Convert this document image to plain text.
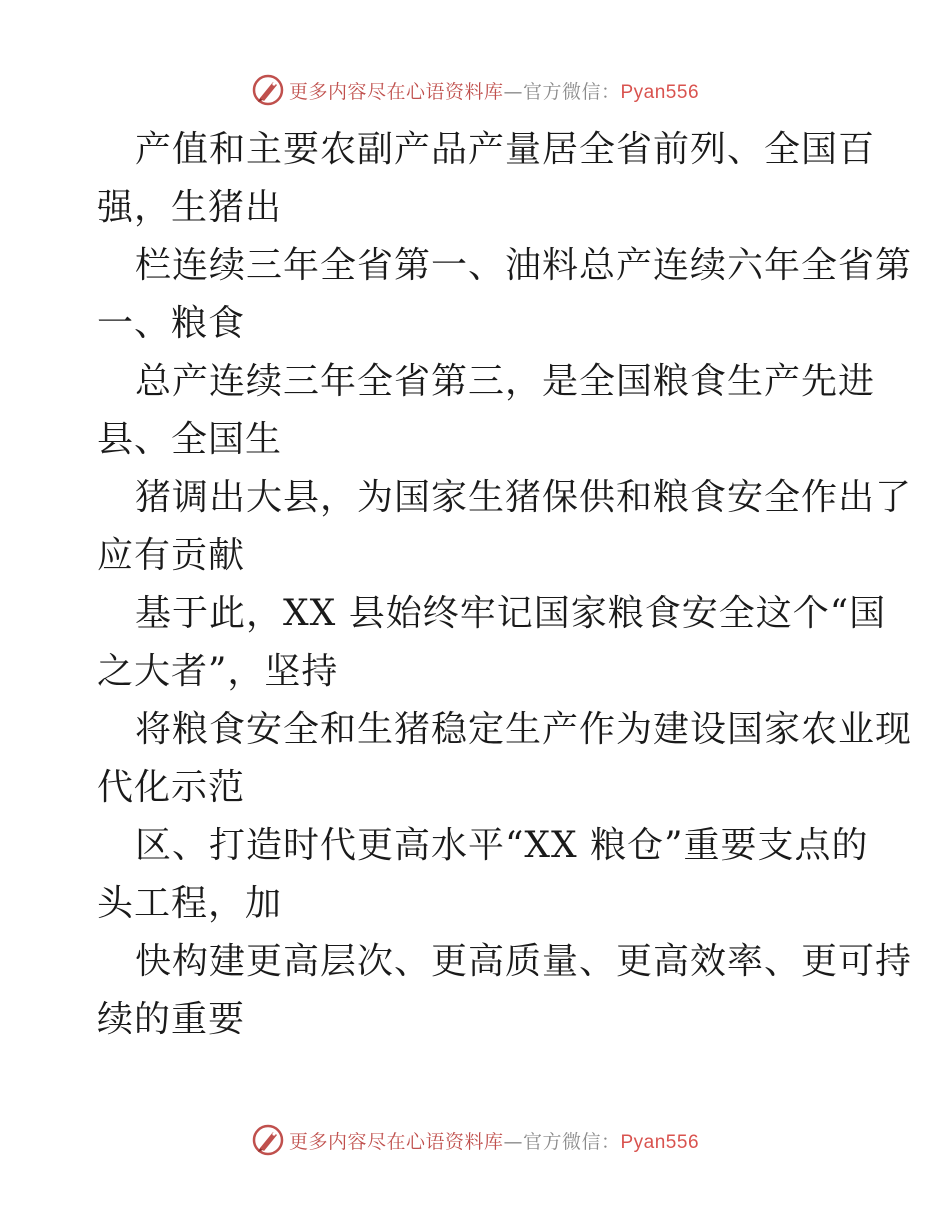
更多内容尽在心语资料库—官方微信：Pyan556
产值和主要农副产品产量居全省前列、全国百
强，生猪出
栏连续三年全省第一、油料总产连续六年全省第
一、粮食
总产连续三年全省第三，是全国粮食生产先进
县、全国生
猪调出大县，为国家生猪保供和粮食安全作出了
应有贡献
基于此，XX 县始终牢记国家粮食安全这个“国
之大者”，坚持
将粮食安全和生猪稳定生产作为建设国家农业现
代化示范
区、打造时代更高水平“XX 粮仓”重要支点的
头工程，加
快构建更高层次、更高质量、更高效率、更可持
续的重要
更多内容尽在心语资料库—官方微信：Pyan556
